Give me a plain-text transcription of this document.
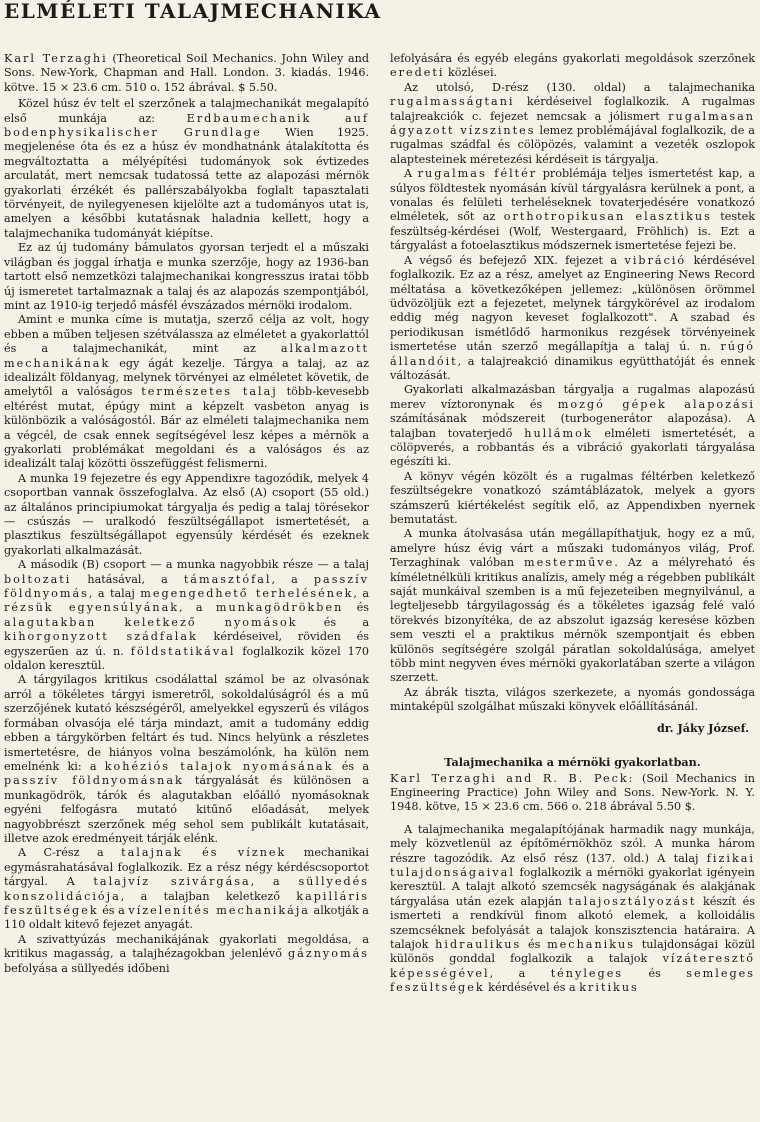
ELMÉLETI TALAJMECHANIKA

Karl Terzaghi (Theoretical Soil Mechanics. John Wiley and Sons. New-York, Chapman and Hall. London. 3. kiadás. 1946. kötve. 15 × 23.6 cm. 510 o. 152 ábrával. $ 5.50.

Közel húsz év telt el szerzőnek a talajmechanikát megalapító első munkája az: Erdbaumechanik auf bodenphysikalischer Grundlage Wien 1925. megjelenése óta és ez a húsz év mondhatnánk átalakította és megváltoztatta a mélyépítési tudományok sok évtizedes arculatát, mert nemcsak tudatossá tette az alapozási mérnök gyakorlati érzékét és pallérszabályokba foglalt tapasztalati törvényeit, de nyilegyenesen kijelölte azt a tudományos utat is, amelyen a későbbi kutatásnak haladnia kellett, hogy a talajmechanika tudományát kiépítse.

Ez az új tudomány bámulatos gyorsan terjedt el a műszaki világban és joggal írhatja e munka szerzője, hogy az 1936-ban tartott első nemzetközi talajmechanikai kongresszus iratai több új ismeretet tartalmaznak a talaj és az alapozás szempontjából, mint az 1910-ig terjedő másfél évszázados mérnöki irodalom.

Amint e munka címe is mutatja, szerző célja az volt, hogy ebben a műben teljesen szétválassza az elméletet a gyakorlattól és a talajmechanikát, mint az alkalmazott mechanikának egy ágát kezelje. Tárgya a talaj, az az idealizált földanyag, melynek törvényei az elméletet követik, de amelytől a valóságos természetes talaj több-kevesebb eltérést mutat, épúgy mint a képzelt vasbeton anyag is különbözik a valóságostól. Bár az elméleti talajmechanika nem a végcél, de csak ennek segítségével lesz képes a mérnök a gyakorlati problémákat megoldani és a valóságos és az idealizált talaj közötti összefüggést felismerni.

A munka 19 fejezetre és egy Appendixre tagozódik, melyek 4 csoportban vannak összefoglalva. Az első (A) csoport (55 old.) az általános principiumokat tárgyalja és pedig a talaj törésekor — csúszás — uralkodó feszültségállapot ismertetését, a plasztikus feszültségállapot egyensúly kérdését és ezeknek gyakorlati alkalmazását.

A második (B) csoport — a munka nagyobbik része — a talaj boltozati hatásával, a támasztófal, a passzív földnyomás, a talaj megengedhető terhelésének, a rézsük egyensúlyának, a munkagödrökben és alagutakban keletkező nyomások és a kihorgonyzott szádfalak kérdéseivel, röviden és egyszerűen az ú. n. földstatikával foglalkozik közel 170 oldalon keresztül.

A tárgyilagos kritikus csodálattal számol be az olvasónak arról a tökéletes tárgyi ismeretről, sokoldalúságról és a mű szerzőjének kutató készségéről, amelyekkel egyszerű és világos formában olvasója elé tárja mindazt, amit a tudomány eddig ebben a tárgykörben feltárt és tud. Nincs helyünk a részletes ismertetésre, de hiányos volna beszámolónk, ha külön nem emelnénk ki: a kohéziós talajok nyomásának és a passzív földnyomásnak tárgyalását és különösen a munkagödrök, tárók és alagutakban előálló nyomásoknak egyéni felfogásra mutató kitűnő előadását, melyek nagyobbrészt szerzőnek még sehol sem publikált kutatásait, illetve azok eredményeit tárják elénk.

A C-rész a talajnak és víznek mechanikai egymásrahatásával foglalkozik. Ez a rész négy kérdéscsoportot tárgyal. A talajvíz szivárgása, a süllyedés konszolidációja, a talajban keletkező kapilláris feszültségek és a vízelenítés mechanikája alkotják a 110 oldalt kitevő fejezet anyagát.

A szivattyúzás mechanikájának gyakorlati megoldása, a kritikus magasság, a talajhézagokban jelenlévő gáznyomás befolyása a süllyedés időbeni

lefolyására és egyéb elegáns gyakorlati megoldások szerzőnek eredeti közlései.

Az utolsó, D-rész (130. oldal) a talajmechanika rugalmasságtani kérdéseivel foglalkozik. A rugalmas talajreakciók c. fejezet nemcsak a jólismert rugalmasan ágyazott vízszintes lemez problémájával foglalkozik, de a rugalmas szádfal és cölöpözés, valamint a vezeték oszlopok alaptesteinek méretezési kérdéseit is tárgyalja.

A rugalmas féltér problémája teljes ismertetést kap, a súlyos földtestek nyomásán kívül tárgyalásra kerülnek a pont, a vonalas és felületi terheléseknek tovaterjedésére vonatkozó elméletek, sőt az orthotropikusan elasztikus testek feszültség-kérdései (Wolf, Westergaard, Fröhlich) is. Ezt a tárgyalást a fotoelasztikus módszernek ismertetése fejezi be.

A végső és befejező XIX. fejezet a vibráció kérdésével foglalkozik. Ez az a rész, amelyet az Engineering News Record méltatása a következőképen jellemez: „különösen örömmel üdvözöljük ezt a fejezetet, melynek tárgykörével az irodalom eddig még nagyon keveset foglalkozott". A szabad és periodikusan ismétlődő harmonikus rezgések törvényeinek ismertetése után szerző megállapítja a talaj ú. n. rúgó állandóit, a talajreakció dinamikus együtthatóját és ennek változását.

Gyakorlati alkalmazásban tárgyalja a rugalmas alapozású merev víztoronynak és mozgó gépek alapozási számításának módszereit (turbogenerátor alapozása). A talajban tovaterjedő hullámok elméleti ismertetését, a cölöpverés, a robbantás és a vibráció gyakorlati tárgyalása egészíti ki.

A könyv végén közölt és a rugalmas féltérben keletkező feszültségekre vonatkozó számtáblázatok, melyek a gyors számszerű kiértékelést segítik elő, az Appendixben nyernek bemutatást.

A munka átolvasása után megállapíthatjuk, hogy ez a mű, amelyre húsz évig várt a műszaki tudományos világ, Prof. Terzaghinak valóban mesterműve. Az a mélyreható és kíméletnélküli kritikus analízis, amely még a régebben publikált saját munkáival szemben is a mű fejezeteiben megnyilvánul, a legteljesebb tárgyilagosság és a tökéletes igazság felé való törekvés bizonyítéka, de az abszolut igazság keresése közben sem veszti el a praktikus mérnök szempontjait és ebben különös segítségére szolgál páratlan sokoldalúsága, amelyet több mint negyven éves mérnöki gyakorlatában szerte a világon szerzett.

Az ábrák tiszta, világos szerkezete, a nyomás gondossága mintaképül szolgálhat műszaki könyvek előállításánál.

dr. Jáky József.

Talajmechanika a mérnöki gyakorlatban.

Karl Terzaghi and R. B. Peck: (Soil Mechanics in Engineering Practice) John Wiley and Sons. New-York. N. Y. 1948. kötve, 15 × 23.6 cm. 566 o. 218 ábrával 5.50 $.

A talajmechanika megalapítójának harmadik nagy munkája, mely közvetlenül az építőmérnökhöz szól. A munka három részre tagozódik. Az első rész (137. old.) A talaj fizikai tulajdonságaival foglalkozik a mérnöki gyakorlat igényein keresztül. A talajt alkotó szemcsék nagyságának és alakjának tárgyalása után ezek alapján talajosztályozást készít és ismerteti a rendkívül finom alkotó elemek, a kolloidális szemcséknek befolyását a talajok konszisztencia határaira. A talajok hidraulikus és mechanikus tulajdonságai közül különös gonddal foglalkozik a talajok vízáteresztő képességével, a tényleges és semleges feszültségek kérdésével és a kritikus
